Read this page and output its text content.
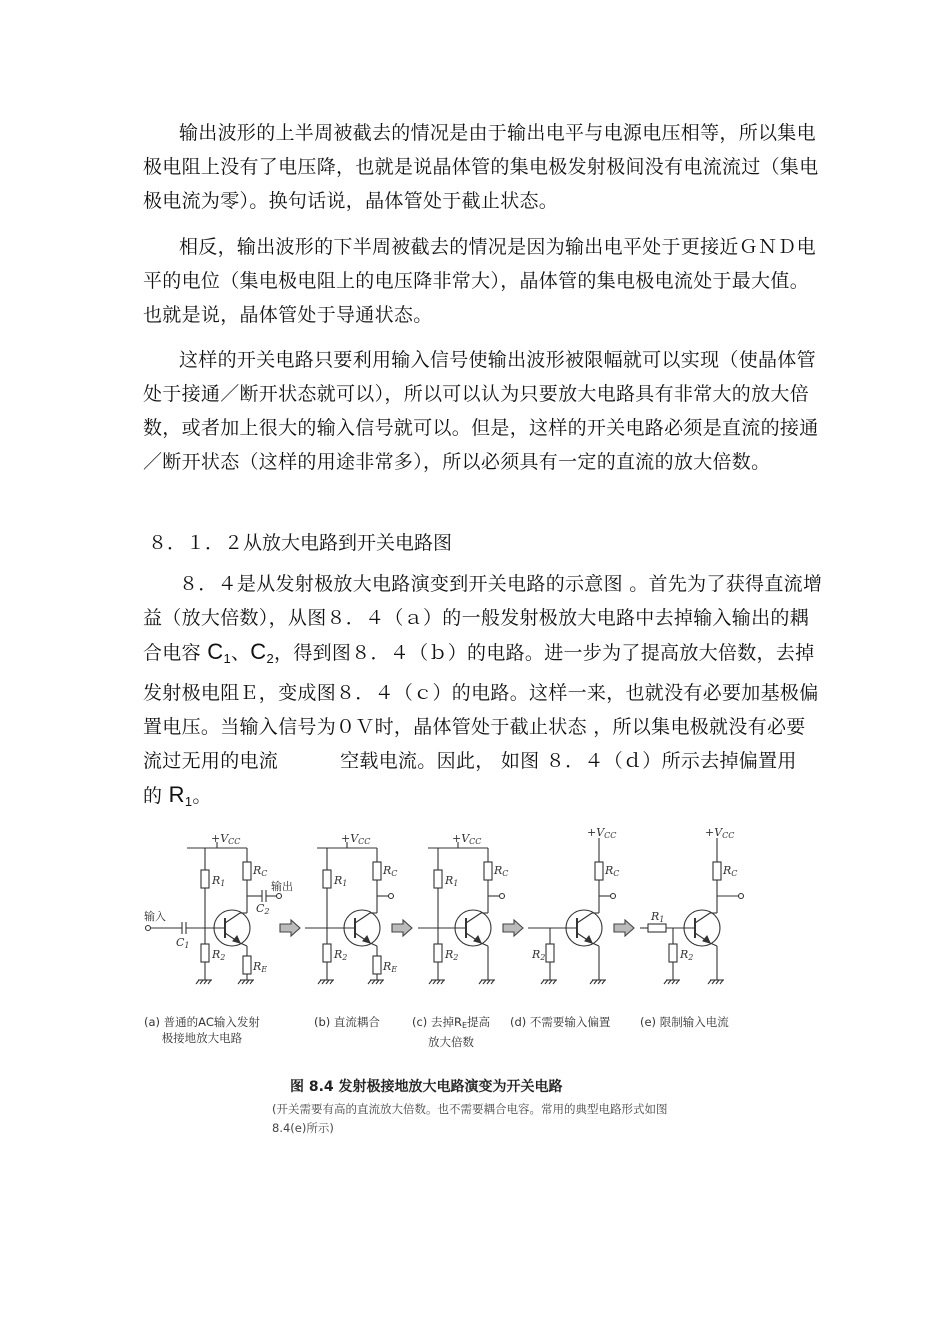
输出波形的上半周被截去的情况是由于输出电平与电源电压相等，所以集电
极电阻上没有了电压降，也就是说晶体管的集电极发射极间没有电流流过（集电
极电流为零）。换句话说，晶体管处于截止状态。

相反，输出波形的下半周被截去的情况是因为输出电平处于更接近ＧＮＤ电
平的电位（集电极电阻上的电压降非常大），晶体管的集电极电流处于最大值。
也就是说，晶体管处于导通状态。

这样的开关电路只要利用输入信号使输出波形被限幅就可以实现（使晶体管
处于接通／断开状态就可以），所以可以认为只要放大电路具有非常大的放大倍
数，或者加上很大的输入信号就可以。但是，这样的开关电路必须是直流的接通
／断开状态（这样的用途非常多），所以必须具有一定的直流的放大倍数。

８．１．２从放大电路到开关电路图

８．４是从发射极放大电路演变到开关电路的示意图 。首先为了获得直流增
益（放大倍数），从图８．４（ａ）的一般发射极放大电路中去掉输入输出的耦
合电容 $C_1$、$C_2$，得到图８．４（ｂ）的电路。进一步为了提高放大倍数，去掉
发射极电阻Ｅ，变成图８．４（ｃ）的电路。这样一来，也就没有必要加基极偏
置电压。当输入信号为０Ｖ时，晶体管处于截止状态 ，所以集电极就没有必要
流过无用的电流	空载电流。因此， 如图 ８．４（ｄ）所示去掉偏置用
的 $R_1$。

+VCC
RC
R1
R2
RE
C2
C1
输入
输出
+VCC
RC
R1
R2
RE
+VCC
RC
R1
R2
+VCC
RC
R2
+VCC
RC
R1
R2
(a) 普通的AC输入发射
极接地放大电路
(b) 直流耦合	(c) 去掉RE提高
放大倍数
(d) 不需要输入偏置	(e) 限制输入电流
图 8.4 发射极接地放大电路演变为开关电路
(开关需要有高的直流放大倍数。也不需要耦合电容。常用的典型电路形式如图
8.4(e)所示)
